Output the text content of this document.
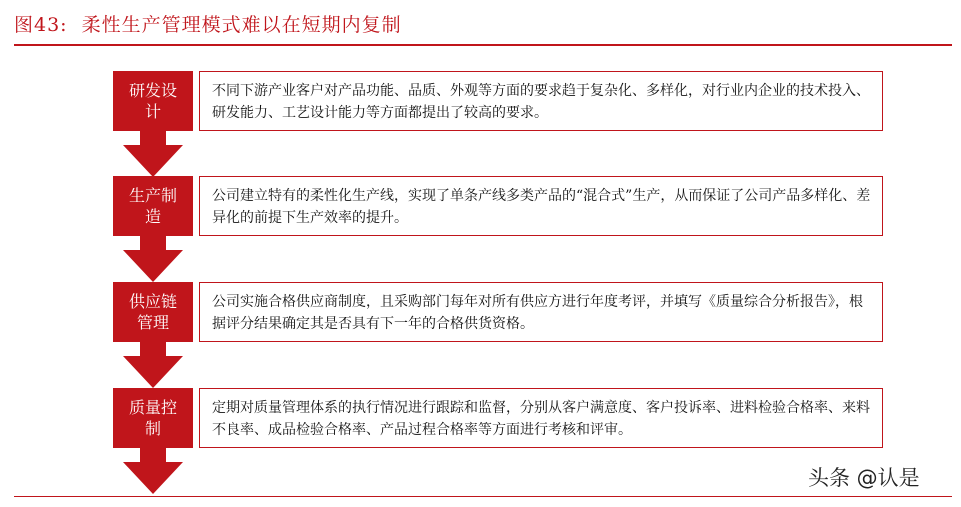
图43: 柔性生产管理模式难以在短期内复制
研发设计
不同下游产业客户对产品功能、品质、外观等方面的要求趋于复杂化、多样化，对行业内企业的技术投入、研发能力、工艺设计能力等方面都提出了较高的要求。
生产制造
公司建立特有的柔性化生产线，实现了单条产线多类产品的“混合式”生产，从而保证了公司产品多样化、差异化的前提下生产效率的提升。
供应链管理
公司实施合格供应商制度，且采购部门每年对所有供应方进行年度考评，并填写《质量综合分析报告》，根据评分结果确定其是否具有下一年的合格供货资格。
质量控制
定期对质量管理体系的执行情况进行跟踪和监督，分别从客户满意度、客户投诉率、进料检验合格率、来料不良率、成品检验合格率、产品过程合格率等方面进行考核和评审。
头条 @认是
